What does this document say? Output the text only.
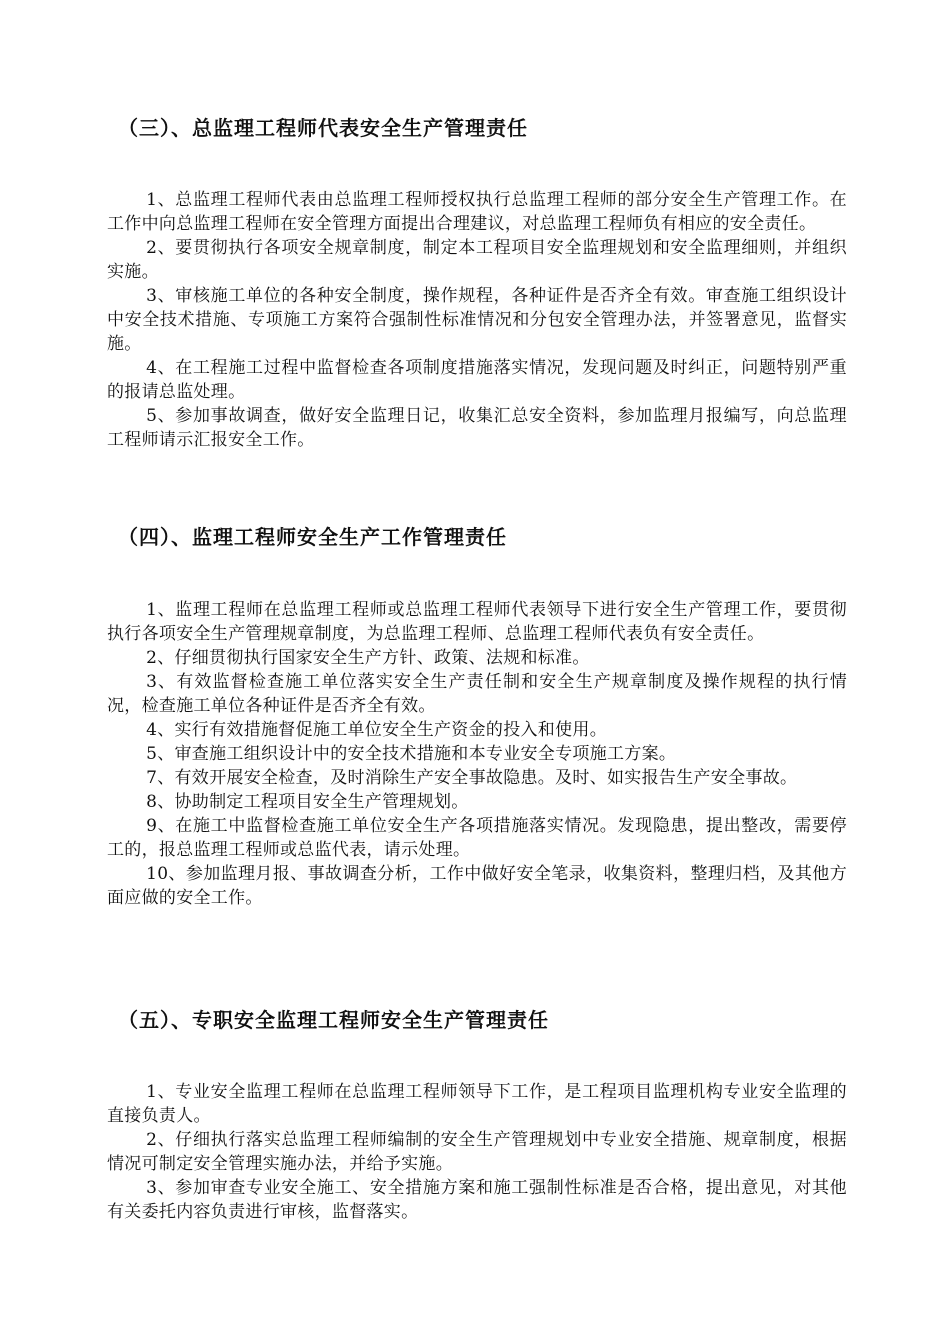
（三）、总监理工程师代表安全生产管理责任

1、总监理工程师代表由总监理工程师授权执行总监理工程师的部分安全生产管理工作。在工作中向总监理工程师在安全管理方面提出合理建议，对总监理工程师负有相应的安全责任。

2、要贯彻执行各项安全规章制度，制定本工程项目安全监理规划和安全监理细则，并组织实施。

3、审核施工单位的各种安全制度，操作规程，各种证件是否齐全有效。审查施工组织设计中安全技术措施、专项施工方案符合强制性标准情况和分包安全管理办法，并签署意见，监督实施。

4、在工程施工过程中监督检查各项制度措施落实情况，发现问题及时纠正，问题特别严重的报请总监处理。

5、参加事故调查，做好安全监理日记，收集汇总安全资料，参加监理月报编写，向总监理工程师请示汇报安全工作。

（四）、监理工程师安全生产工作管理责任

1、监理工程师在总监理工程师或总监理工程师代表领导下进行安全生产管理工作，要贯彻执行各项安全生产管理规章制度，为总监理工程师、总监理工程师代表负有安全责任。

2、仔细贯彻执行国家安全生产方针、政策、法规和标准。

3、有效监督检查施工单位落实安全生产责任制和安全生产规章制度及操作规程的执行情况，检查施工单位各种证件是否齐全有效。

4、实行有效措施督促施工单位安全生产资金的投入和使用。

5、审查施工组织设计中的安全技术措施和本专业安全专项施工方案。

7、有效开展安全检查，及时消除生产安全事故隐患。及时、如实报告生产安全事故。

8、协助制定工程项目安全生产管理规划。

9、在施工中监督检查施工单位安全生产各项措施落实情况。发现隐患，提出整改，需要停工的，报总监理工程师或总监代表，请示处理。

10、参加监理月报、事故调查分析，工作中做好安全笔录，收集资料，整理归档，及其他方面应做的安全工作。

（五）、专职安全监理工程师安全生产管理责任

1、专业安全监理工程师在总监理工程师领导下工作，是工程项目监理机构专业安全监理的直接负责人。

2、仔细执行落实总监理工程师编制的安全生产管理规划中专业安全措施、规章制度，根据情况可制定安全管理实施办法，并给予实施。

3、参加审查专业安全施工、安全措施方案和施工强制性标准是否合格，提出意见，对其他有关委托内容负责进行审核，监督落实。
